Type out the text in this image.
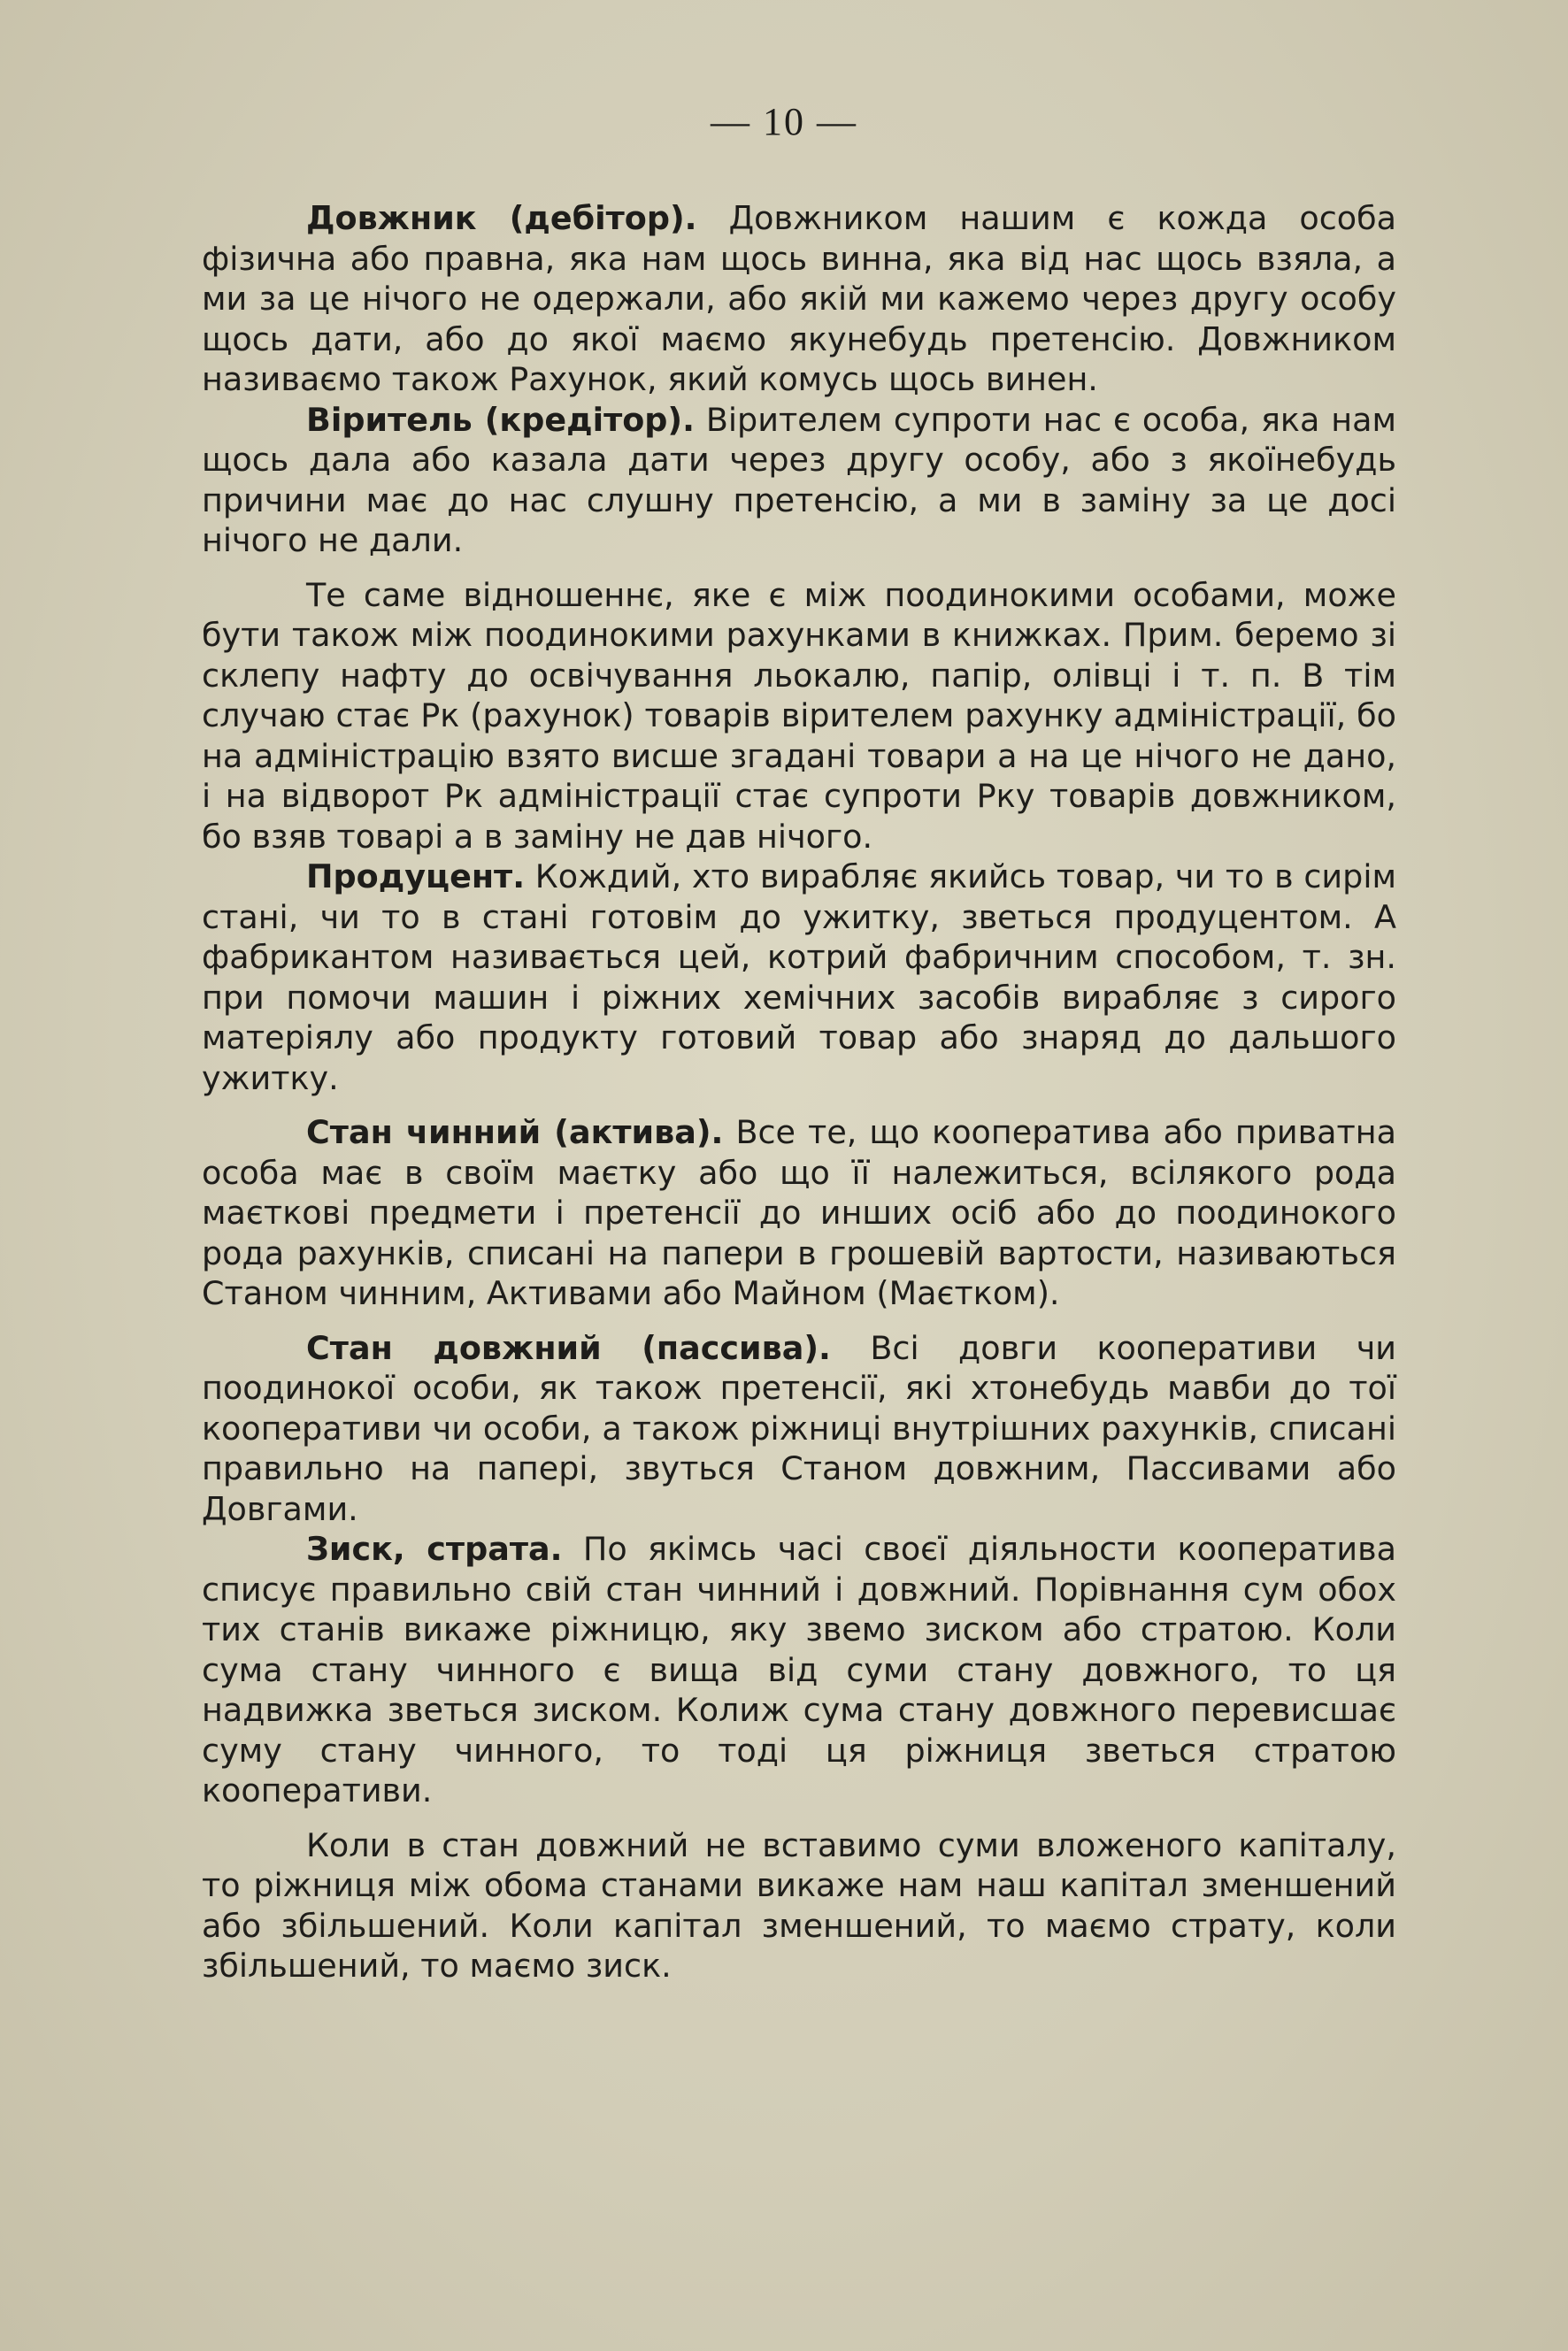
— 10 —

Довжник (дебітор). Довжником нашим є кожда особа фізична або правна, яка нам щось винна, яка від нас щось взяла, а ми за це нічого не одержали, або якій ми кажемо через другу особу щось дати, або до якої маємо якунебудь претенсію. Довжником називаємо також Рахунок, який комусь щось винен.

Віритель (кредітор). Вірителем супроти нас є особа, яка нам щось дала або казала дати через другу особу, або з якоїнебудь причини має до нас слушну претенсію, а ми в заміну за це досі нічого не дали.

Те саме відношеннє, яке є між поодинокими особами, може бути також між поодинокими рахунками в книжках. Прим. беремо зі склепу нафту до освічування льокалю, папір, олівці і т. п. В тім случаю стає Рк (рахунок) товарів вірителем рахунку адміністрації, бо на адміністрацію взято висше згадані товари а на це нічого не дано, і на відворот Рк адміністрації стає супроти Рку товарів довжником, бо взяв товарі а в заміну не дав нічого.

Продуцент. Кождий, хто вирабляє якийсь товар, чи то в сирім стані, чи то в стані готовім до ужитку, зветься продуцентом. А фабрикантом називається цей, котрий фабричним способом, т. зн. при помочи машин і ріжних хемічних засобів вирабляє з сирого матеріялу або продукту готовий товар або знаряд до дальшого ужитку.

Стан чинний (актива). Все те, що кооператива або приватна особа має в своїм маєтку або що її належиться, всілякого рода маєткові предмети і претенсії до инших осіб або до поодинокого рода рахунків, списані на папери в грошевій вартости, називаються Станом чинним, Активами або Майном (Маєтком).

Стан довжний (пассива). Всі довги кооперативи чи поодинокої особи, як також претенсії, які хтонебудь мавби до тої кооперативи чи особи, а також ріжниці внутрішних рахунків, списані правильно на папері, звуться Станом довжним, Пассивами або Довгами.

Зиск, страта. По якімсь часі своєї діяльности кооператива списує правильно свій стан чинний і довжний. Порівнання сум обох тих станів викаже ріжницю, яку звемо зиском або стратою. Коли сума стану чинного є вища від суми стану довжного, то ця надвижка зветься зиском. Колиж сума стану довжного перевисшає суму стану чинного, то тоді ця ріжниця зветься стратою кооперативи.

Коли в стан довжний не вставимо суми вложеного капіталу, то ріжниця між обома станами викаже нам наш капітал зменшений або збільшений. Коли капітал зменшений, то маємо страту, коли збільшений, то маємо зиск.
